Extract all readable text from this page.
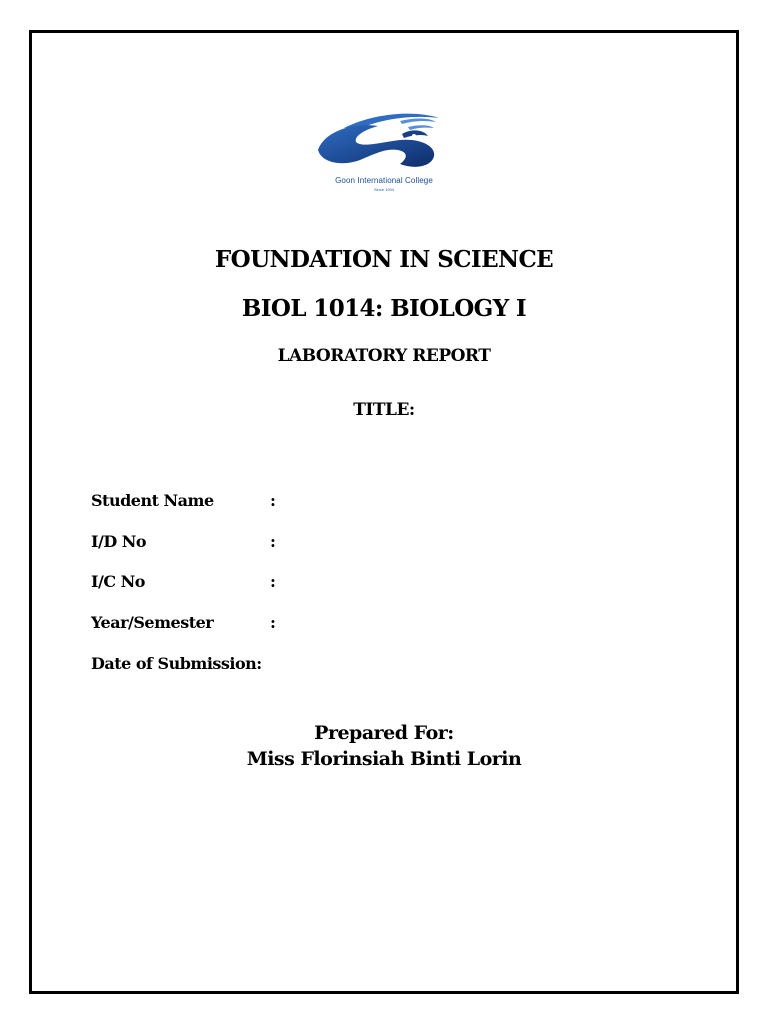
Goon International College
Since 1934
FOUNDATION IN SCIENCE
BIOL 1014: BIOLOGY I
LABORATORY REPORT
TITLE:
Student Name	:
I/D No	:
I/C No	:
Year/Semester	:
Date of Submission:
Prepared For:
Miss Florinsiah Binti Lorin
